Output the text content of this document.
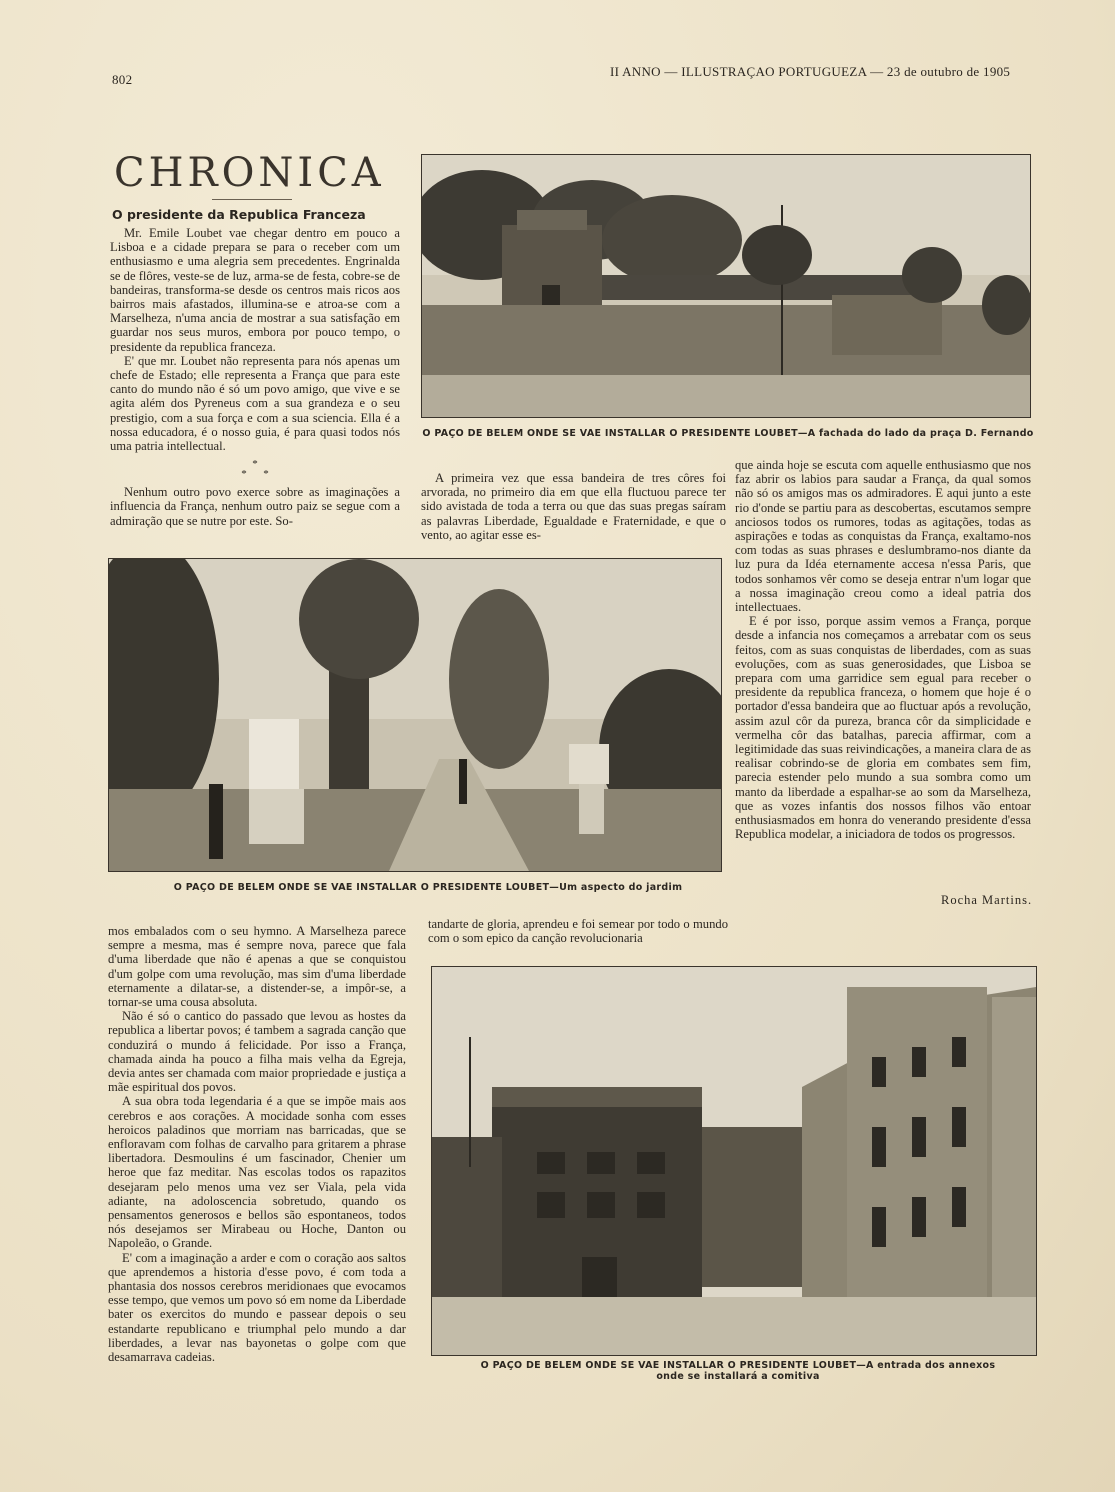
802
II ANNO — ILLUSTRAÇAO PORTUGUEZA — 23 de outubro de 1905
CHRONICA
O presidente da Republica Franceza

Mr. Emile Loubet vae chegar dentro em pouco a Lisboa e a cidade prepara se para o receber com um enthusiasmo e uma alegria sem precedentes. Engrinalda se de flôres, veste-se de luz, arma-se de festa, cobre-se de bandeiras, transforma-se desde os centros mais ricos aos bairros mais afastados, illumina-se e atroa-se com a Marselheza, n'uma ancia de mostrar a sua satisfação em guardar nos seus muros, embora por pouco tempo, o presidente da republica franceza.

E' que mr. Loubet não representa para nós apenas um chefe de Estado; elle representa a França que para este canto do mundo não é só um povo amigo, que vive e se agita além dos Pyreneus com a sua grandeza e o seu prestigio, com a sua força e com a sua sciencia. Ella é a nossa educadora, é o nosso guia, é para quasi todos nós uma patria intellectual.

*
* *

Nenhum outro povo exerce sobre as imaginações a influencia da França, nenhum outro paiz se segue com a admiração que se nutre por este. So-

O PAÇO DE BELEM ONDE SE VAE INSTALLAR O PRESIDENTE LOUBET—A fachada do lado da praça D. Fernando

A primeira vez que essa bandeira de tres côres foi arvorada, no primeiro dia em que ella fluctuou parece ter sido avistada de toda a terra ou que das suas pregas saíram as palavras Liberdade, Egualdade e Fraternidade, e que o vento, ao agitar esse es-

que ainda hoje se escuta com aquelle enthusiasmo que nos faz abrir os labios para saudar a França, da qual somos não só os amigos mas os admiradores. E aqui junto a este rio d'onde se partiu para as descobertas, escutamos sempre anciosos todos os rumores, todas as agitações, todas as aspirações e todas as conquistas da França, exaltamo-nos com todas as suas phrases e deslumbramo-nos diante da luz pura da Idéa eternamente accesa n'essa Paris, que todos sonhamos vêr como se deseja entrar n'um logar que a nossa imaginação creou como a ideal patria dos intellectuaes.

E é por isso, porque assim vemos a França, porque desde a infancia nos começamos a arrebatar com os seus feitos, com as suas conquistas de liberdades, com as suas evoluções, com as suas generosidades, que Lisboa se prepara com uma garridice sem egual para receber o presidente da republica franceza, o homem que hoje é o portador d'essa bandeira que ao fluctuar após a revolução, assim azul côr da pureza, branca côr da simplicidade e vermelha côr das batalhas, parecia affirmar, com a legitimidade das suas reivindicações, a maneira clara de as realisar cobrindo-se de gloria em combates sem fim, parecia estender pelo mundo a sua sombra como um manto da liberdade a espalhar-se ao som da Marselheza, que as vozes infantis dos nossos filhos vão entoar enthusiasmados em honra do venerando presidente d'essa Republica modelar, a iniciadora de todos os progressos.

O PAÇO DE BELEM ONDE SE VAE INSTALLAR O PRESIDENTE LOUBET—Um aspecto do jardim
Rocha Martins.

mos embalados com o seu hymno. A Marselheza parece sempre a mesma, mas é sempre nova, parece que fala d'uma liberdade que não é apenas a que se conquistou d'um golpe com uma revolução, mas sim d'uma liberdade eternamente a dilatar-se, a distender-se, a impôr-se, a tornar-se uma cousa absoluta.

Não é só o cantico do passado que levou as hostes da republica a libertar povos; é tambem a sagrada canção que conduzirá o mundo á felicidade. Por isso a França, chamada ainda ha pouco a filha mais velha da Egreja, devia antes ser chamada com maior propriedade e justiça a mãe espiritual dos povos.

A sua obra toda legendaria é a que se impõe mais aos cerebros e aos corações. A mocidade sonha com esses heroicos paladinos que morriam nas barricadas, que se enfloravam com folhas de carvalho para gritarem a phrase libertadora. Desmoulins é um fascinador, Chenier um heroe que faz meditar. Nas escolas todos os rapazitos desejaram pelo menos uma vez ser Viala, pela vida adiante, na adoloscencia sobretudo, quando os pensamentos generosos e bellos são espontaneos, todos nós desejamos ser Mirabeau ou Hoche, Danton ou Napoleão, o Grande.

E' com a imaginação a arder e com o coração aos saltos que aprendemos a historia d'esse povo, é com toda a phantasia dos nossos cerebros meridionaes que evocamos esse tempo, que vemos um povo só em nome da Liberdade bater os exercitos do mundo e passear depois o seu estandarte republicano e triumphal pelo mundo a dar liberdades, a levar nas bayonetas o golpe com que desamarrava cadeias.

tandarte de gloria, aprendeu e foi semear por todo o mundo com o som epico da canção revolucionaria

O PAÇO DE BELEM ONDE SE VAE INSTALLAR O PRESIDENTE LOUBET—A entrada dos annexos
onde se installará a comitiva
